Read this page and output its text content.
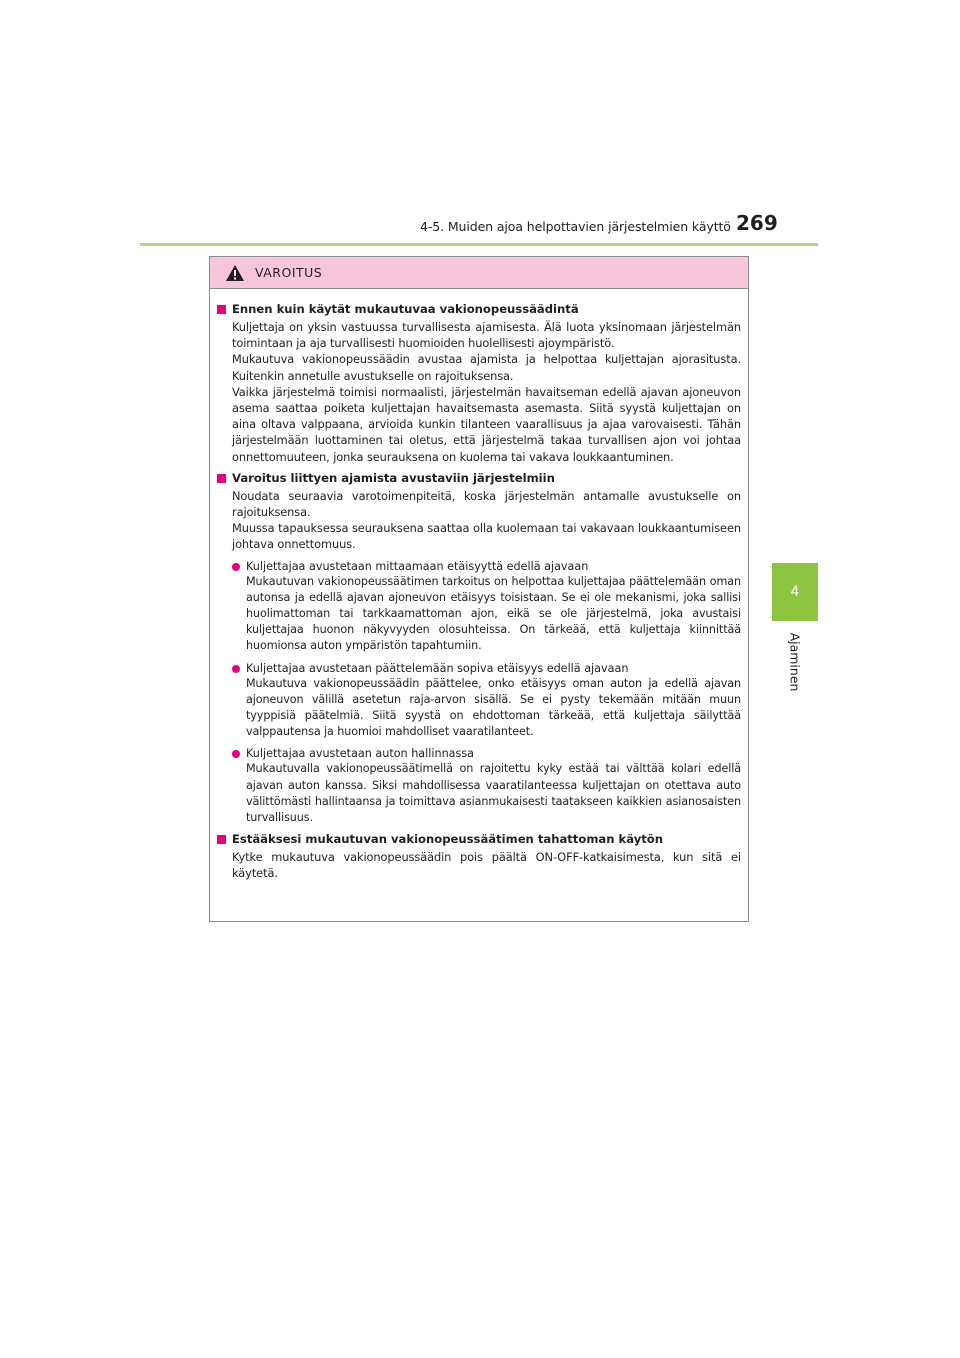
4-5. Muiden ajoa helpottavien järjestelmien käyttö 269
4
Ajaminen
VAROITUS
Ennen kuin käytät mukautuvaa vakionopeussäädintä
Kuljettaja on yksin vastuussa turvallisesta ajamisesta. Älä luota yksinomaan järjestelmän toimintaan ja aja turvallisesti huomioiden huolellisesti ajoympäristö.
Mukautuva vakionopeussäädin avustaa ajamista ja helpottaa kuljettajan ajorasitusta. Kuitenkin annetulle avustukselle on rajoituksensa.
Vaikka järjestelmä toimisi normaalisti, järjestelmän havaitseman edellä ajavan ajoneuvon asema saattaa poiketa kuljettajan havaitsemasta asemasta. Siitä syystä kuljettajan on aina oltava valppaana, arvioida kunkin tilanteen vaarallisuus ja ajaa varovaisesti. Tähän järjestelmään luottaminen tai oletus, että järjestelmä takaa turvallisen ajon voi johtaa onnettomuuteen, jonka seurauksena on kuolema tai vakava loukkaantuminen.
Varoitus liittyen ajamista avustaviin järjestelmiin
Noudata seuraavia varotoimenpiteitä, koska järjestelmän antamalle avustukselle on rajoituksensa.
Muussa tapauksessa seurauksena saattaa olla kuolemaan tai vakavaan loukkaantumiseen johtava onnettomuus.
Kuljettajaa avustetaan mittaamaan etäisyyttä edellä ajavaan
Mukautuvan vakionopeussäätimen tarkoitus on helpottaa kuljettajaa päättelemään oman autonsa ja edellä ajavan ajoneuvon etäisyys toisistaan. Se ei ole mekanismi, joka sallisi huolimattoman tai tarkkaamattoman ajon, eikä se ole järjestelmä, joka avustaisi kuljettajaa huonon näkyvyyden olosuhteissa. On tärkeää, että kuljettaja kiinnittää huomionsa auton ympäristön tapahtumiin.
Kuljettajaa avustetaan päättelemään sopiva etäisyys edellä ajavaan
Mukautuva vakionopeussäädin päättelee, onko etäisyys oman auton ja edellä ajavan ajoneuvon välillä asetetun raja-arvon sisällä. Se ei pysty tekemään mitään muun tyyppisiä päätelmiä. Siitä syystä on ehdottoman tärkeää, että kuljettaja säilyttää valppautensa ja huomioi mahdolliset vaaratilanteet.
Kuljettajaa avustetaan auton hallinnassa
Mukautuvalla vakionopeussäätimellä on rajoitettu kyky estää tai välttää kolari edellä ajavan auton kanssa. Siksi mahdollisessa vaaratilanteessa kuljettajan on otettava auto välittömästi hallintaansa ja toimittava asianmukaisesti taatakseen kaikkien asianosaisten turvallisuus.
Estääksesi mukautuvan vakionopeussäätimen tahattoman käytön
Kytke mukautuva vakionopeussäädin pois päältä ON-OFF-katkaisimesta, kun sitä ei käytetä.
